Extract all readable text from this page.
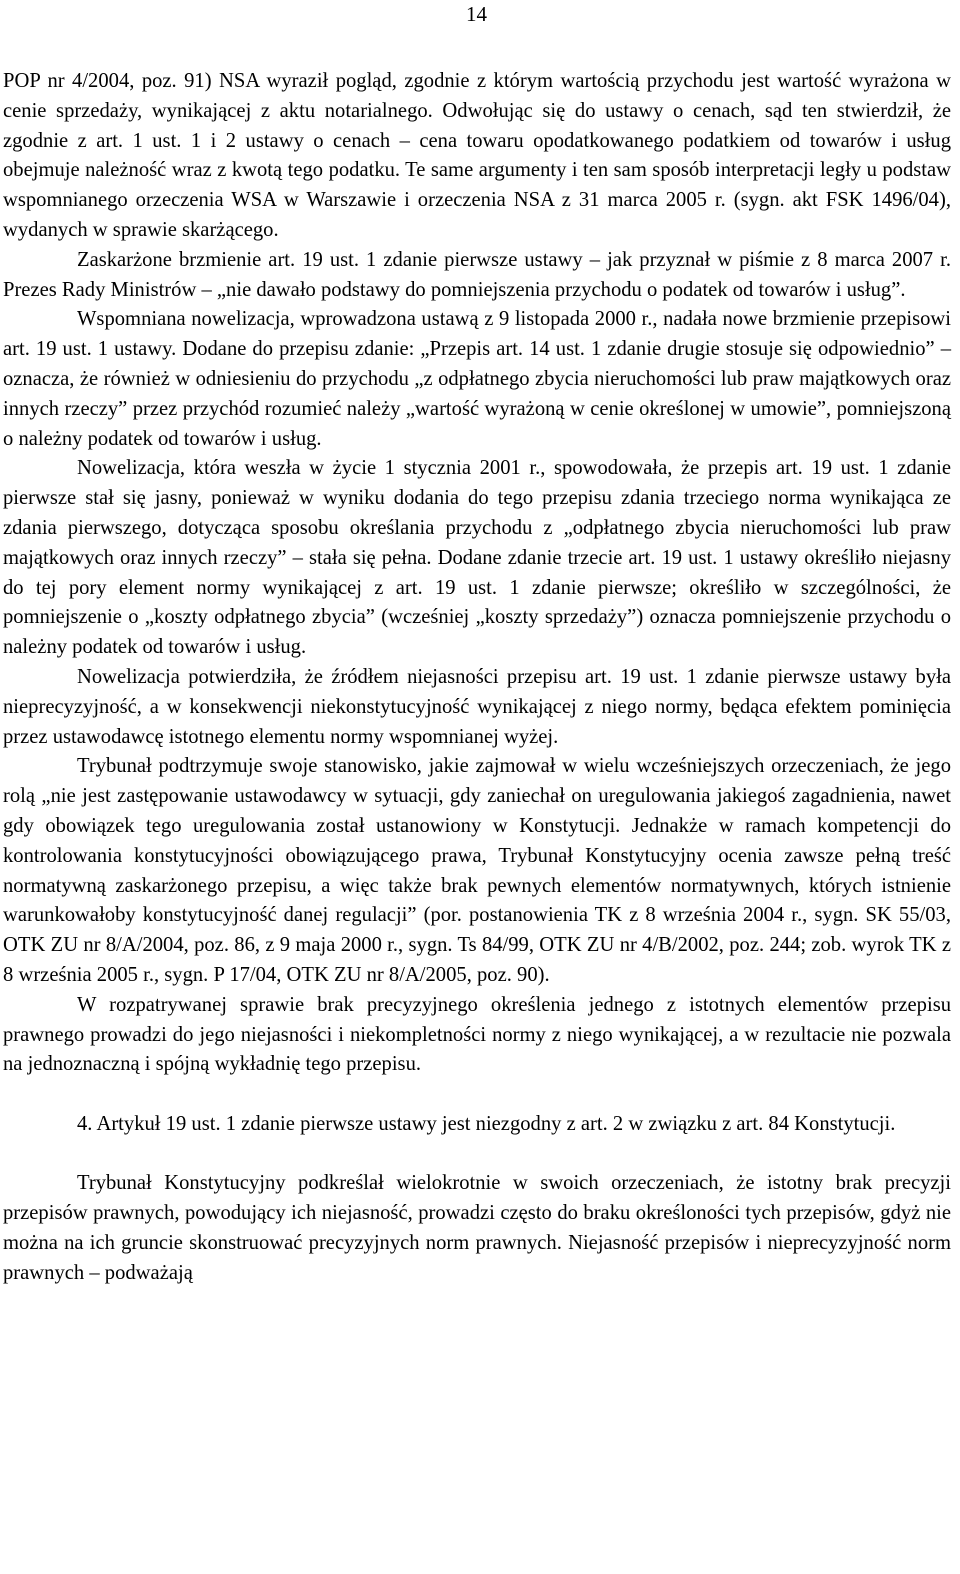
14

POP nr 4/2004, poz. 91) NSA wyraził pogląd, zgodnie z którym wartością przychodu jest wartość wyrażona w cenie sprzedaży, wynikającej z aktu notarialnego. Odwołując się do ustawy o cenach, sąd ten stwierdził, że zgodnie z art. 1 ust. 1 i 2 ustawy o cenach – cena towaru opodatkowanego podatkiem od towarów i usług obejmuje należność wraz z kwotą tego podatku. Te same argumenty i ten sam sposób interpretacji legły u podstaw wspomnianego orzeczenia WSA w Warszawie i orzeczenia NSA z 31 marca 2005 r. (sygn. akt FSK 1496/04), wydanych w sprawie skarżącego.

Zaskarżone brzmienie art. 19 ust. 1 zdanie pierwsze ustawy – jak przyznał w piśmie z 8 marca 2007 r. Prezes Rady Ministrów – „nie dawało podstawy do pomniejszenia przychodu o podatek od towarów i usług”.

Wspomniana nowelizacja, wprowadzona ustawą z 9 listopada 2000 r., nadała nowe brzmienie przepisowi art. 19 ust. 1 ustawy. Dodane do przepisu zdanie: „Przepis art. 14 ust. 1 zdanie drugie stosuje się odpowiednio” – oznacza, że również w odniesieniu do przychodu „z odpłatnego zbycia nieruchomości lub praw majątkowych oraz innych rzeczy” przez przychód rozumieć należy „wartość wyrażoną w cenie określonej w umowie”, pomniejszoną o należny podatek od towarów i usług.

Nowelizacja, która weszła w życie 1 stycznia 2001 r., spowodowała, że przepis art. 19 ust. 1 zdanie pierwsze stał się jasny, ponieważ w wyniku dodania do tego przepisu zdania trzeciego norma wynikająca ze zdania pierwszego, dotycząca sposobu określania przychodu z „odpłatnego zbycia nieruchomości lub praw majątkowych oraz innych rzeczy” – stała się pełna. Dodane zdanie trzecie art. 19 ust. 1 ustawy określiło niejasny do tej pory element normy wynikającej z art. 19 ust. 1 zdanie pierwsze; określiło w szczególności, że pomniejszenie o „koszty odpłatnego zbycia” (wcześniej „koszty sprzedaży”) oznacza pomniejszenie przychodu o należny podatek od towarów i usług.

Nowelizacja potwierdziła, że źródłem niejasności przepisu art. 19 ust. 1 zdanie pierwsze ustawy była nieprecyzyjność, a w konsekwencji niekonstytucyjność wynikającej z niego normy, będąca efektem pominięcia przez ustawodawcę istotnego elementu normy wspomnianej wyżej.

Trybunał podtrzymuje swoje stanowisko, jakie zajmował w wielu wcześniejszych orzeczeniach, że jego rolą „nie jest zastępowanie ustawodawcy w sytuacji, gdy zaniechał on uregulowania jakiegoś zagadnienia, nawet gdy obowiązek tego uregulowania został ustanowiony w Konstytucji. Jednakże w ramach kompetencji do kontrolowania konstytucyjności obowiązującego prawa, Trybunał Konstytucyjny ocenia zawsze pełną treść normatywną zaskarżonego przepisu, a więc także brak pewnych elementów normatywnych, których istnienie warunkowałoby konstytucyjność danej regulacji” (por. postanowienia TK z 8 września 2004 r., sygn. SK 55/03, OTK ZU nr 8/A/2004, poz. 86, z 9 maja 2000 r., sygn. Ts 84/99, OTK ZU nr 4/B/2002, poz. 244; zob. wyrok TK z 8 września 2005 r., sygn. P 17/04, OTK ZU nr 8/A/2005, poz. 90).

W rozpatrywanej sprawie brak precyzyjnego określenia jednego z istotnych elementów przepisu prawnego prowadzi do jego niejasności i niekompletności normy z niego wynikającej, a w rezultacie nie pozwala na jednoznaczną i spójną wykładnię tego przepisu.

4. Artykuł 19 ust. 1 zdanie pierwsze ustawy jest niezgodny z art. 2 w związku z art. 84 Konstytucji.

Trybunał Konstytucyjny podkreślał wielokrotnie w swoich orzeczeniach, że istotny brak precyzji przepisów prawnych, powodujący ich niejasność, prowadzi często do braku określoności tych przepisów, gdyż nie można na ich gruncie skonstruować precyzyjnych norm prawnych. Niejasność przepisów i nieprecyzyjność norm prawnych – podważają
